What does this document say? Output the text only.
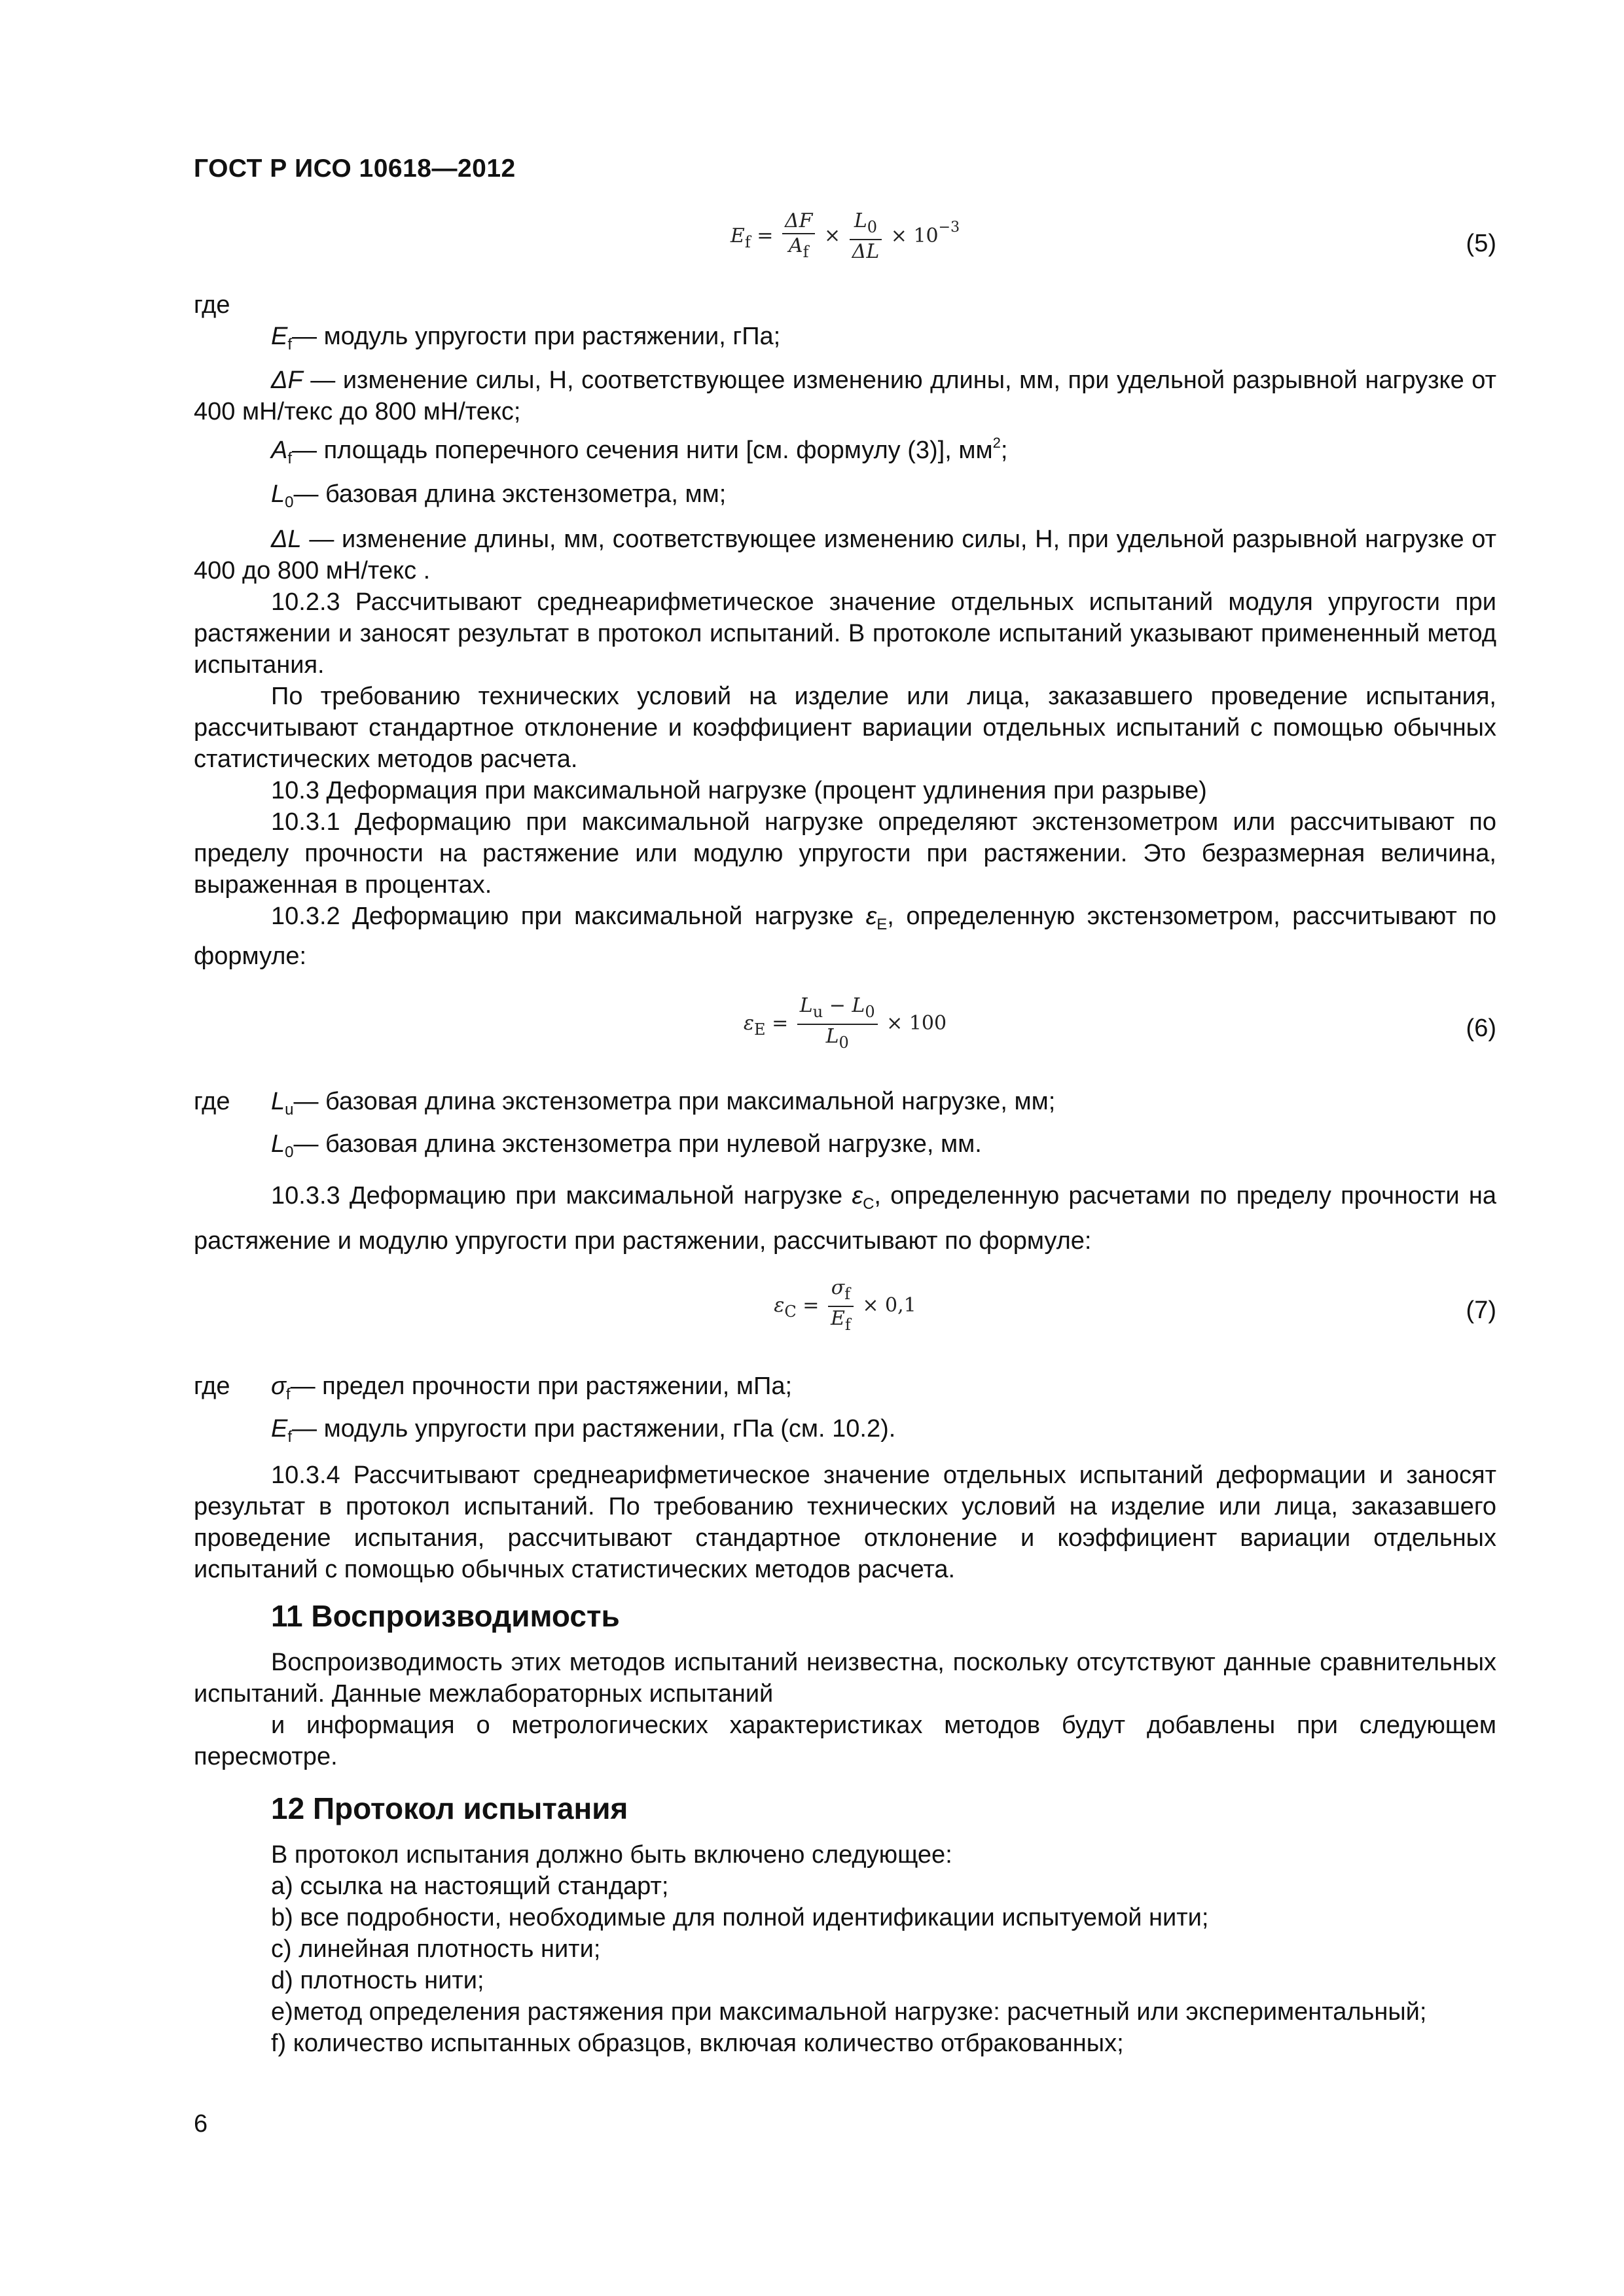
ГОСТ Р ИСО 10618—2012
$E_f = \frac{\Delta F}{A_f} \times \frac{L_0}{\Delta L} \times 10^{-3}$
(5)

где

$E_f—$ модуль упругости при растяжении, гПа;

ΔF — изменение силы, Н, соответствующее изменению длины, мм, при удельной разрывной нагрузке от 400 мН/текс до 800 мН/текс;

$A_f—$ площадь поперечного сечения нити [см. формулу (3)], $мм^2$;

$L_0—$ базовая длина экстензометра, мм;

ΔL — изменение длины, мм, соответствующее изменению силы, Н, при удельной разрывной нагрузке от 400 до 800 мН/текс .

10.2.3 Рассчитывают среднеарифметическое значение отдельных испытаний модуля упругости при растяжении и заносят результат в протокол испытаний. В протоколе испытаний указывают примененный метод испытания.

По требованию технических условий на изделие или лица, заказавшего проведение испытания, рассчитывают стандартное отклонение и коэффициент вариации отдельных испытаний с помощью обычных статистических методов расчета.

10.3 Деформация при максимальной нагрузке (процент удлинения при разрыве)

10.3.1 Деформацию при максимальной нагрузке определяют экстензометром или рассчитывают по пределу прочности на растяжение или модулю упругости при растяжении. Это безразмерная величина, выраженная в процентах.

10.3.2 Деформацию при максимальной нагрузке $\varepsilon_E$, определенную экстензометром, рассчитывают по формуле:

$\varepsilon_E = \frac{L_u - L_0}{L_0} \times 100$	(6)
где	$L_u—$ базовая длина экстензометра при максимальной нагрузке, мм;

$L_0—$ базовая длина экстензометра при нулевой нагрузке, мм.

10.3.3 Деформацию при максимальной нагрузке $\varepsilon_C$, определенную расчетами по пределу прочности на растяжение и модулю упругости при растяжении, рассчитывают по формуле:

$\varepsilon_C = \frac{\sigma_f}{E_f} \times 0,1$	(7)
где	$\sigma_f—$ предел прочности при растяжении, мПа;

$E_f—$ модуль упругости при растяжении, гПа (см. 10.2).

10.3.4 Рассчитывают среднеарифметическое значение отдельных испытаний деформации и заносят результат в протокол испытаний. По требованию технических условий на изделие или лица, заказавшего проведение испытания, рассчитывают стандартное отклонение и коэффициент вариации отдельных испытаний с помощью обычных статистических методов расчета.

11 Воспроизводимость

Воспроизводимость этих методов испытаний неизвестна, поскольку отсутствуют данные сравнительных испытаний. Данные межлабораторных испытаний

и информация о метрологических характеристиках методов будут добавлены при следующем пересмотре.

12 Протокол испытания

В протокол испытания должно быть включено следующее:

a) ссылка на настоящий стандарт;

b) все подробности, необходимые для полной идентификации испытуемой нити;

c) линейная плотность нити;

d) плотность нити;

e)метод определения растяжения при максимальной нагрузке: расчетный или экспериментальный;

f) количество испытанных образцов, включая количество отбракованных;

6
